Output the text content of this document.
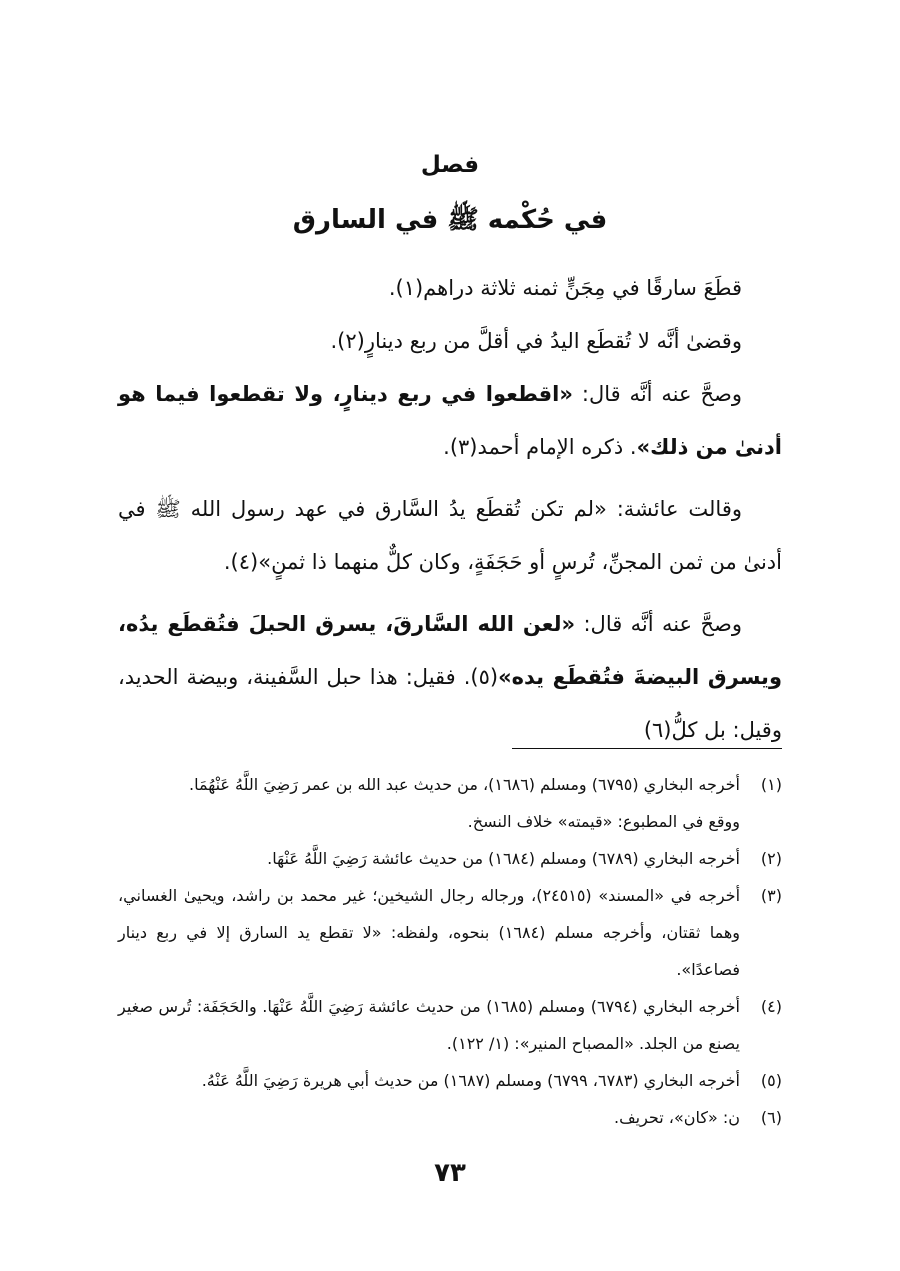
فصل
في حُكْمه ﷺ في السارق

قطَعَ سارقًا في مِجَنٍّ ثمنه ثلاثة دراهم(١).

وقضىٰ أنَّه لا تُقطَع اليدُ في أقلَّ من ربع دينارٍ(٢).

وصحَّ عنه أنَّه قال: «اقطعوا في ربع دينارٍ، ولا تقطعوا فيما هو أدنىٰ من ذلك». ذكره الإمام أحمد(٣).

وقالت عائشة: «لم تكن تُقطَع يدُ السَّارق في عهد رسول الله ﷺ في أدنىٰ من ثمن المجنِّ، تُرسٍ أو حَجَفَةٍ، وكان كلٌّ منهما ذا ثمنٍ»(٤).

وصحَّ عنه أنَّه قال: «لعن الله السَّارقَ، يسرق الحبلَ فتُقطَع يدُه، ويسرق البيضةَ فتُقطَع يده»(٥). فقيل: هذا حبل السَّفينة، وبيضة الحديد، وقيل: بل كلُّ(٦)

(١)
أخرجه البخاري (٦٧٩٥) ومسلم (١٦٨٦)، من حديث عبد الله بن عمر رَضِيَ اللَّهُ عَنْهُمَا.
ووقع في المطبوع: «قيمته» خلاف النسخ.
(٢)
أخرجه البخاري (٦٧٨٩) ومسلم (١٦٨٤) من حديث عائشة رَضِيَ اللَّهُ عَنْهَا.
(٣)
أخرجه في «المسند» (٢٤٥١٥)، ورجاله رجال الشيخين؛ غير محمد بن راشد، ويحيىٰ الغساني، وهما ثقتان، وأخرجه مسلم (١٦٨٤) بنحوه، ولفظه: «لا تقطع يد السارق إلا في ربع دينار فصاعدًا».
(٤)
أخرجه البخاري (٦٧٩٤) ومسلم (١٦٨٥) من حديث عائشة رَضِيَ اللَّهُ عَنْهَا. والحَجَفَة: تُرس صغير يصنع من الجلد. «المصباح المنير»: (١/ ١٢٢).
(٥)
أخرجه البخاري (٦٧٨٣، ٦٧٩٩) ومسلم (١٦٨٧) من حديث أبي هريرة رَضِيَ اللَّهُ عَنْهُ.
(٦)
ن: «كان»، تحريف.
٧٣
